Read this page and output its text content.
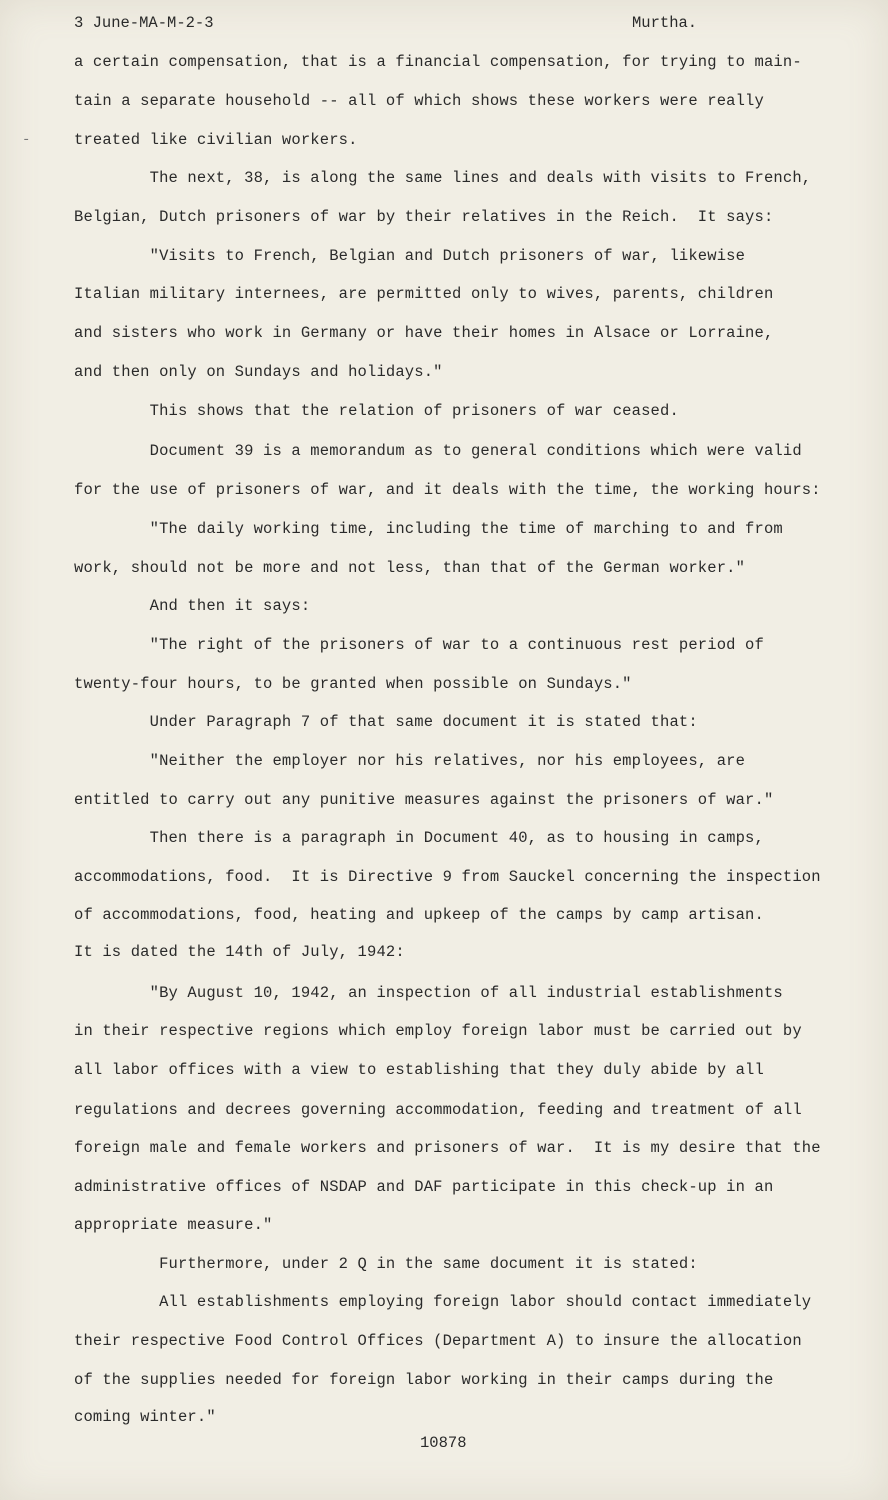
3 June-MA-M-2-3	Murtha.
-
a certain compensation, that is a financial compensation, for trying to main-
tain a separate household -- all of which shows these workers were really
treated like civilian workers.
The next, 38, is along the same lines and deals with visits to French,
Belgian, Dutch prisoners of war by their relatives in the Reich.  It says:
"Visits to French, Belgian and Dutch prisoners of war, likewise
Italian military internees, are permitted only to wives, parents, children
and sisters who work in Germany or have their homes in Alsace or Lorraine,
and then only on Sundays and holidays."
This shows that the relation of prisoners of war ceased.
Document 39 is a memorandum as to general conditions which were valid
for the use of prisoners of war, and it deals with the time, the working hours:
"The daily working time, including the time of marching to and from
work, should not be more and not less, than that of the German worker."
And then it says:
"The right of the prisoners of war to a continuous rest period of
twenty-four hours, to be granted when possible on Sundays."
Under Paragraph 7 of that same document it is stated that:
"Neither the employer nor his relatives, nor his employees, are
entitled to carry out any punitive measures against the prisoners of war."
Then there is a paragraph in Document 40, as to housing in camps,
accommodations, food.  It is Directive 9 from Sauckel concerning the inspection
of accommodations, food, heating and upkeep of the camps by camp artisan.
It is dated the 14th of July, 1942:
"By August 10, 1942, an inspection of all industrial establishments
in their respective regions which employ foreign labor must be carried out by
all labor offices with a view to establishing that they duly abide by all
regulations and decrees governing accommodation, feeding and treatment of all
foreign male and female workers and prisoners of war.  It is my desire that the
administrative offices of NSDAP and DAF participate in this check-up in an
appropriate measure."
Furthermore, under 2 Q in the same document it is stated:
All establishments employing foreign labor should contact immediately
their respective Food Control Offices (Department A) to insure the allocation
of the supplies needed for foreign labor working in their camps during the
coming winter."
10878
